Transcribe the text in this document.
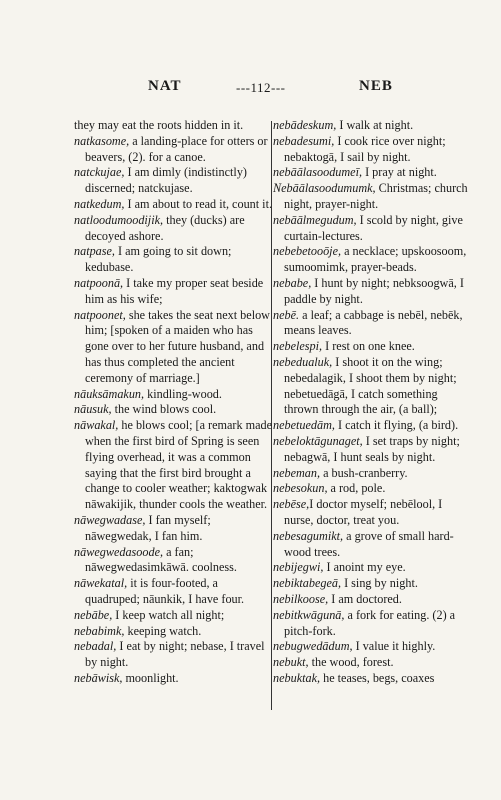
NAT	---112---	NEB

they may eat the roots hidden in it.

natkasome, a landing-place for otters or beavers, (2). for a canoe.

natckujae, I am dimly (indistinctly) discerned; natckujase.

natkedum, I am about to read it, count it.

natloodumoodijik, they (ducks) are decoyed ashore.

natpase, I am going to sit down; kedubase.

natpoonā, I take my proper seat beside him as his wife;

natpoonet, she takes the seat next below him; [spoken of a maiden who has gone over to her future husband, and has thus completed the ancient ceremony of marriage.]

nāuksāmakun, kindling-wood.

nāusuk, the wind blows cool.

nāwakal, he blows cool; [a remark made when the first bird of Spring is seen flying overhead, it was a common saying that the first bird brought a change to cooler weather; kaktogwak nāwakijik, thunder cools the weather.

nāwegwadase, I fan myself; nāwegwedak, I fan him.

nāwegwedasoode, a fan; nāwegwedasimkāwā. coolness.

nāwekatal, it is four-footed, a quadruped; nāunkik, I have four.

nebābe, I keep watch all night;

nebabimk, keeping watch.

nebadal, I eat by night; nebase, I travel by night.

nebāwisk, moonlight.

nebādeskum, I walk at night.

nebadesumi, I cook rice over night; nebaktogā, I sail by night.

nebāālasoodumeī, I pray at night.

Nebāālasoodumumk, Christmas; church night, prayer-night.

nebāālmegudum, I scold by night, give curtain-lectures.

nebebetooōje, a necklace; upskoosoom, sumoomimk, prayer-beads.

nebabe, I hunt by night; nebksoogwā, I paddle by night.

nebē. a leaf; a cabbage is nebēl, nebēk, means leaves.

nebelespi, I rest on one knee.

nebedualuk, I shoot it on the wing; nebedalagik, I shoot them by night; nebetuedāgā, I catch something thrown through the air, (a ball);

nebetuedām, I catch it flying, (a bird).

nebeloktāgunaget, I set traps by night; nebagwā, I hunt seals by night.

nebeman, a bush-cranberry.

nebesokun, a rod, pole.

nebēse,I doctor myself; nebēlool, I nurse, doctor, treat you.

nebesagumikt, a grove of small hard-wood trees.

nebijegwi, I anoint my eye.

nebiktabegeā, I sing by night.

nebilkoose, I am doctored.

nebitkwāgunā, a fork for eating. (2) a pitch-fork.

nebugwedādum, I value it highly.

nebukt, the wood, forest.

nebuktak, he teases, begs, coaxes
